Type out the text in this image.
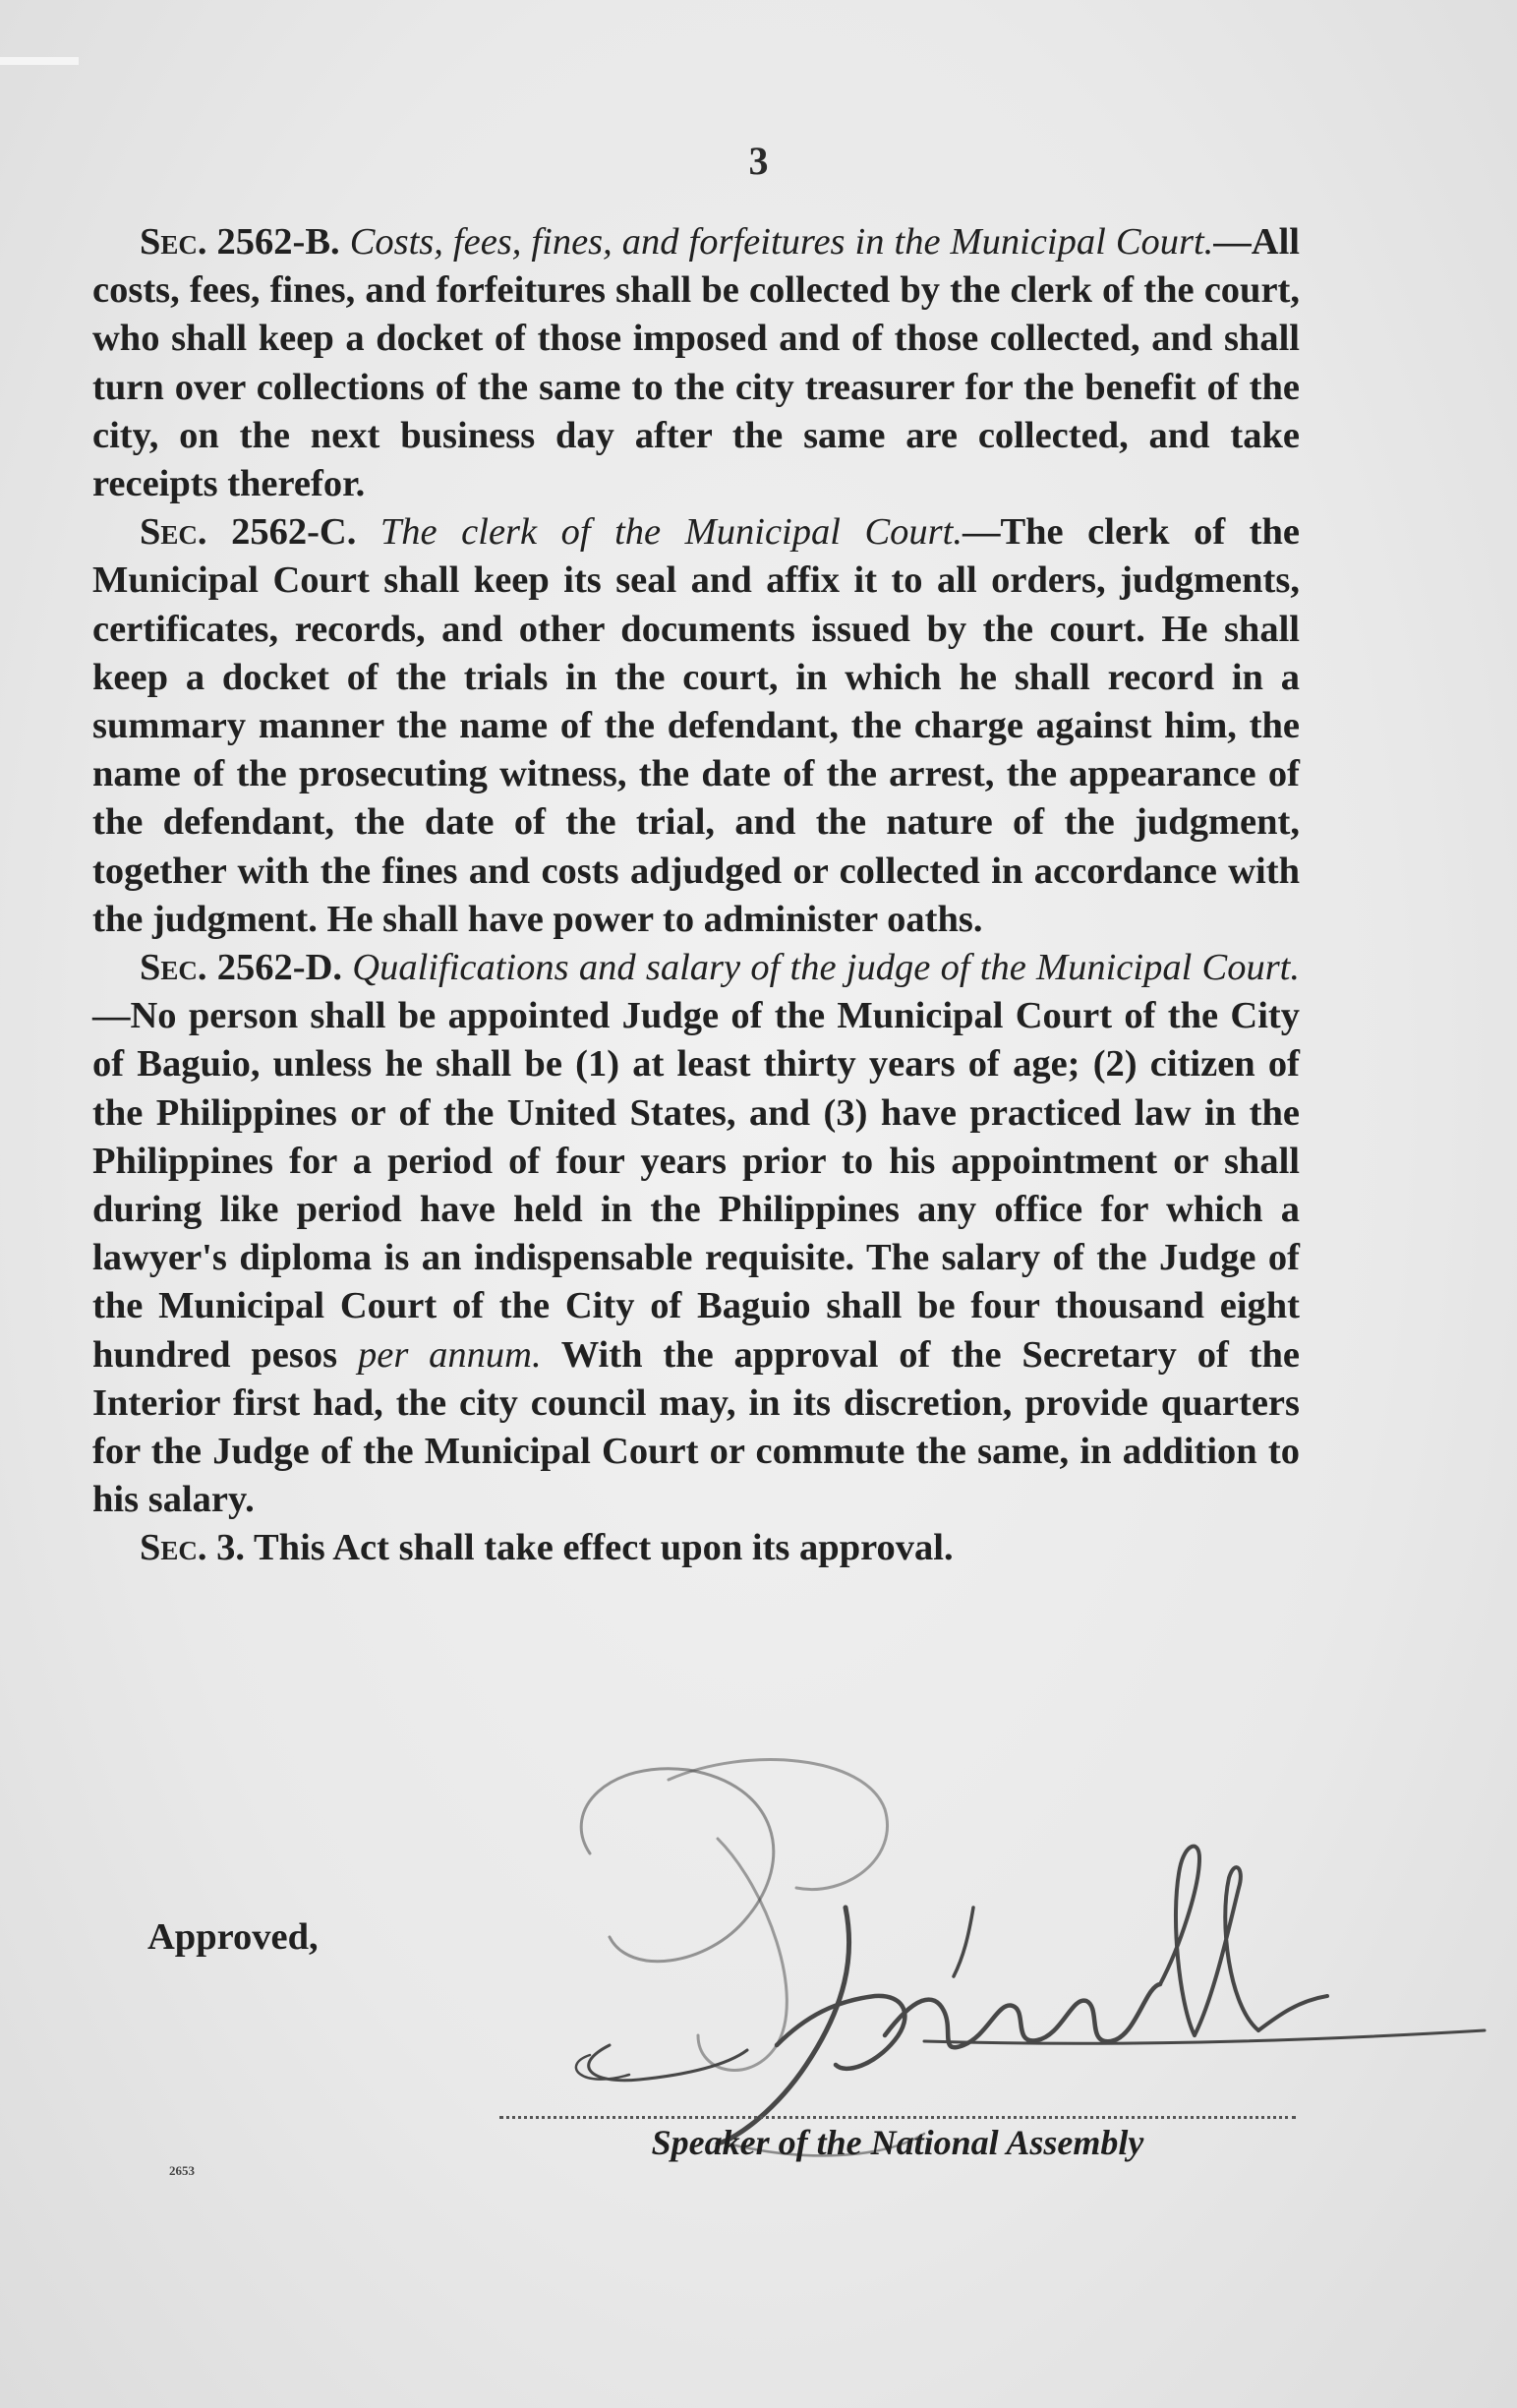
3

Sec. 2562-B. Costs, fees, fines, and forfeitures in the Municipal Court.—All costs, fees, fines, and forfeitures shall be collected by the clerk of the court, who shall keep a docket of those imposed and of those collected, and shall turn over collections of the same to the city treasurer for the benefit of the city, on the next business day after the same are collected, and take receipts therefor.

Sec. 2562-C. The clerk of the Municipal Court.—The clerk of the Municipal Court shall keep its seal and affix it to all orders, judgments, certificates, records, and other documents issued by the court. He shall keep a docket of the trials in the court, in which he shall record in a summary manner the name of the defendant, the charge against him, the name of the prosecuting witness, the date of the arrest, the appearance of the defendant, the date of the trial, and the nature of the judgment, together with the fines and costs adjudged or collected in accordance with the judgment. He shall have power to administer oaths.

Sec. 2562-D. Qualifications and salary of the judge of the Municipal Court.—No person shall be appointed Judge of the Municipal Court of the City of Baguio, unless he shall be (1) at least thirty years of age; (2) citizen of the Philippines or of the United States, and (3) have practiced law in the Philippines for a period of four years prior to his appointment or shall during like period have held in the Philippines any office for which a lawyer's diploma is an indispensable requisite. The salary of the Judge of the Municipal Court of the City of Baguio shall be four thousand eight hundred pesos per annum. With the approval of the Secretary of the Interior first had, the city council may, in its discretion, provide quarters for the Judge of the Municipal Court or commute the same, in addition to his salary.

Sec. 3. This Act shall take effect upon its approval.

Approved,
Speaker of the National Assembly
2653
